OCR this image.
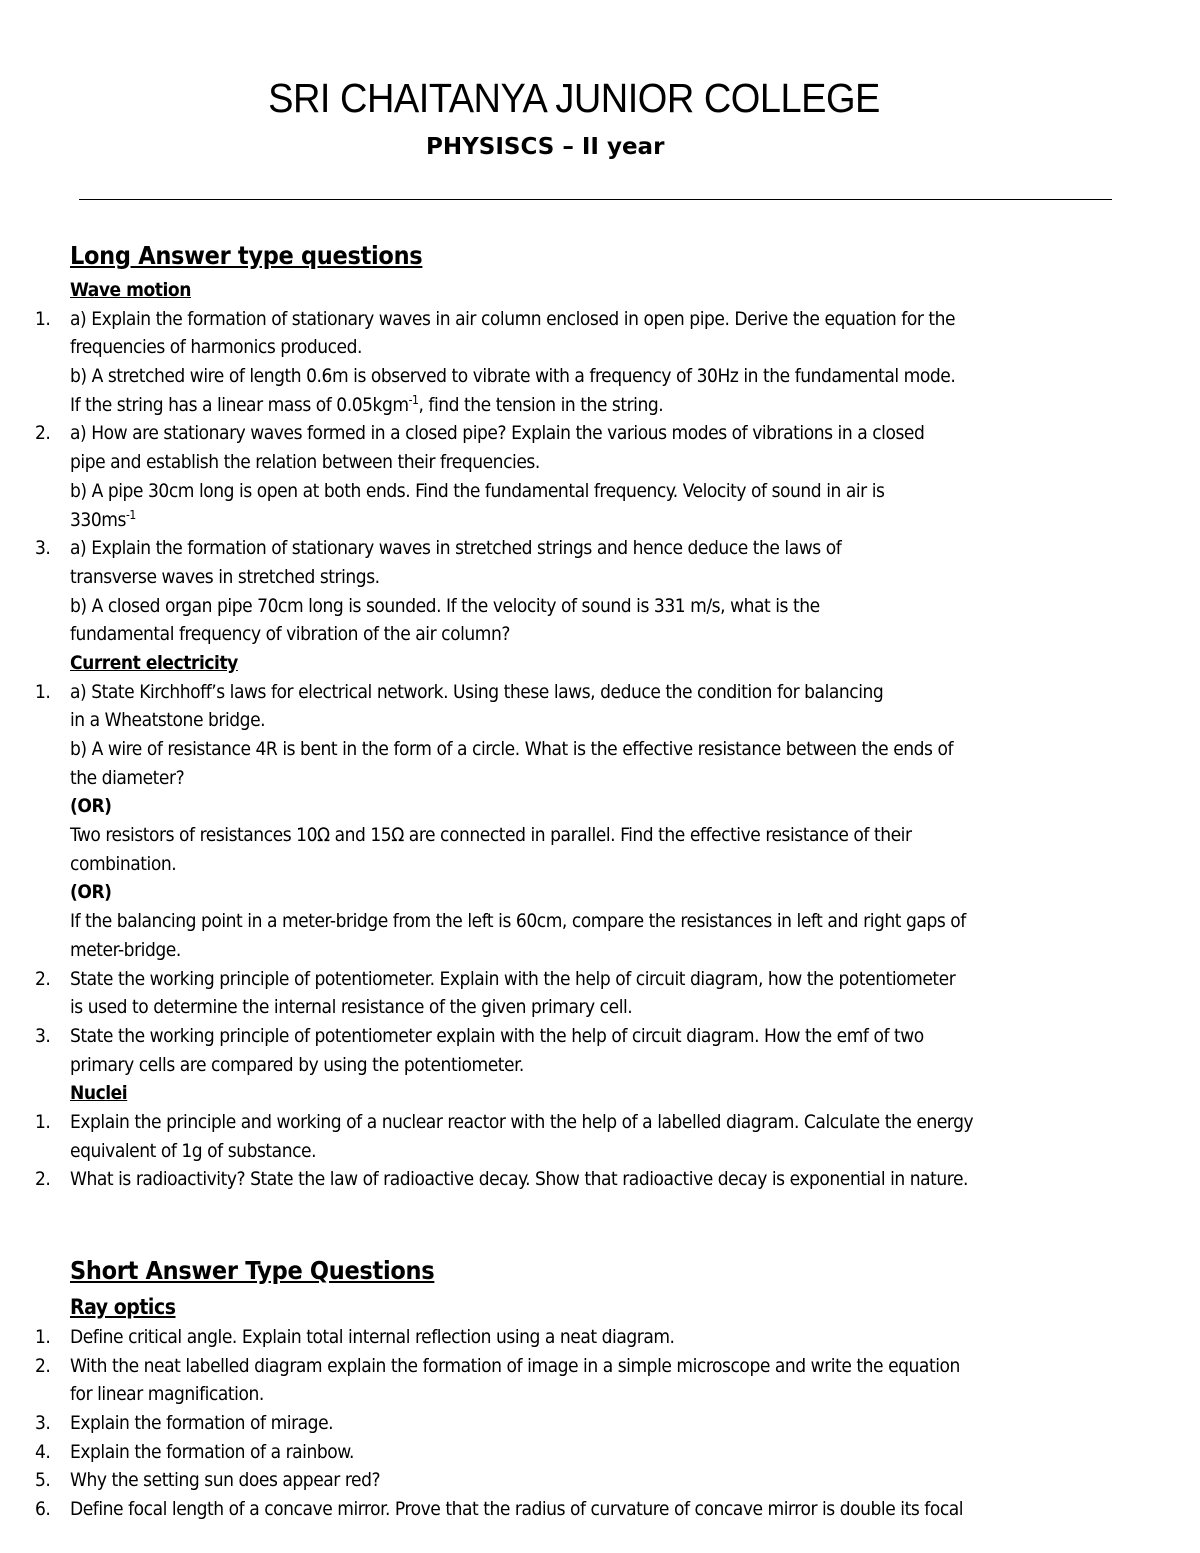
SRI CHAITANYA JUNIOR COLLEGE
PHYSISCS – II year
Long Answer type questions
Wave motion
1.	a) Explain the formation of stationary waves in air column enclosed in open pipe. Derive the equation for the
frequencies of harmonics produced.
b) A stretched wire of length 0.6m is observed to vibrate with a frequency of 30Hz in the fundamental mode.
If the string has a linear mass of 0.05kgm$^{-1}$, find the tension in the string.
2.	a) How are stationary waves formed in a closed pipe? Explain the various modes of vibrations in a closed
pipe and establish the relation between their frequencies.
b) A pipe 30cm long is open at both ends. Find the fundamental frequency. Velocity of sound in air is
$330ms^{-1}$
3.	a) Explain the formation of stationary waves in stretched strings and hence deduce the laws of
transverse waves in stretched strings.
b) A closed organ pipe 70cm long is sounded. If the velocity of sound is 331 m/s, what is the
fundamental frequency of vibration of the air column?
Current electricity
1.	a) State Kirchhoff’s laws for electrical network. Using these laws, deduce the condition for balancing
in a Wheatstone bridge.
b) A wire of resistance 4R is bent in the form of a circle. What is the effective resistance between the ends of
the diameter?
(OR)
Two resistors of resistances 10Ω and 15Ω are connected in parallel. Find the effective resistance of their
combination.
(OR)
If the balancing point in a meter-bridge from the left is 60cm, compare the resistances in left and right gaps of
meter-bridge.
2.	State the working principle of potentiometer. Explain with the help of circuit diagram, how the potentiometer
is used to determine the internal resistance of the given primary cell.
3.	State the working principle of potentiometer explain with the help of circuit diagram. How the emf of two
primary cells are compared by using the potentiometer.
Nuclei
1.	Explain the principle and working of a nuclear reactor with the help of a labelled diagram. Calculate the energy
equivalent of 1g of substance.
2.	What is radioactivity? State the law of radioactive decay. Show that radioactive decay is exponential in nature.
Short Answer Type Questions
Ray optics
1.	Define critical angle. Explain total internal reflection using a neat diagram.
2.	With the neat labelled diagram explain the formation of image in a simple microscope and write the equation
for linear magnification.
3.	Explain the formation of mirage.
4.	Explain the formation of a rainbow.
5.	Why the setting sun does appear red?
6.	Define focal length of a concave mirror. Prove that the radius of curvature of concave mirror is double its focal
